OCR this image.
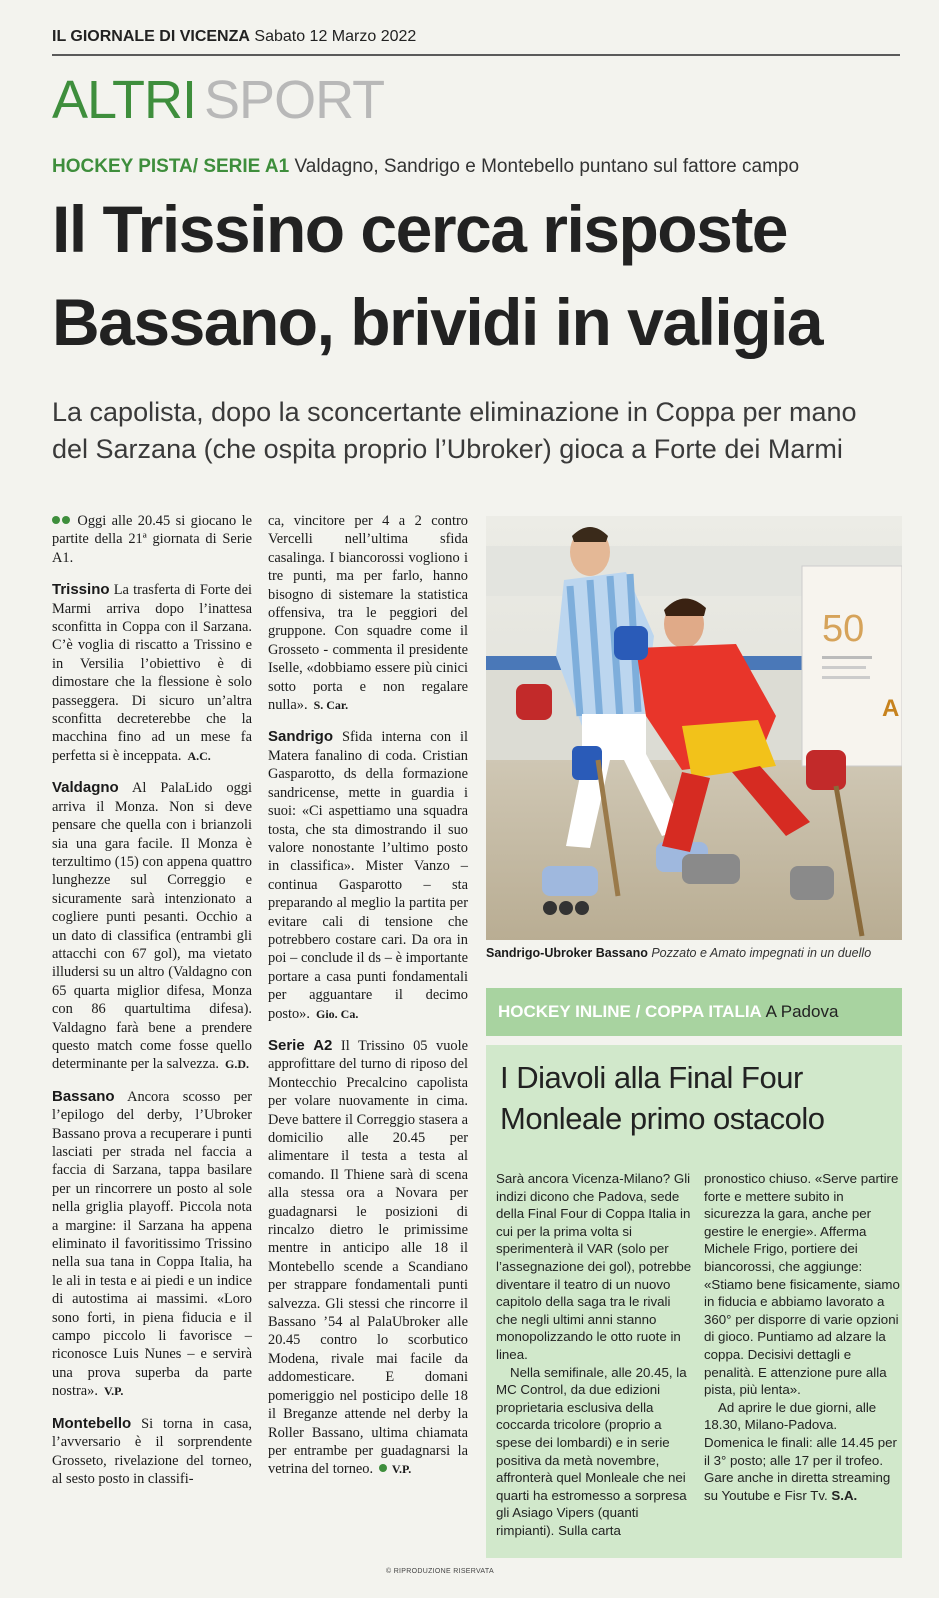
IL GIORNALE DI VICENZA Sabato 12 Marzo 2022
ALTRI SPORT
HOCKEY PISTA/ SERIE A1 Valdagno, Sandrigo e Montebello puntano sul fattore campo
Il Trissino cerca risposte
Bassano, brividi in valigia
La capolista, dopo la sconcertante eliminazione in Coppa per mano
del Sarzana (che ospita proprio l’Ubroker) gioca a Forte dei Marmi

Oggi alle 20.45 si giocano le partite della 21ª giornata di Serie A1.

Trissino La trasferta di Forte dei Marmi arriva dopo l’inattesa sconfitta in Coppa con il Sarzana. C’è voglia di riscatto a Trissino e in Versilia l’obiettivo è di dimostare che la flessione è solo passeggera. Di sicuro un’altra sconfitta decreterebbe che la macchina fino ad un mese fa perfetta si è inceppata. A.C.

Valdagno Al PalaLido oggi arriva il Monza. Non si deve pensare che quella con i brianzoli sia una gara facile. Il Monza è terzultimo (15) con appena quattro lunghezze sul Correggio e sicuramente sarà intenzionato a cogliere punti pesanti. Occhio a un dato di classifica (entrambi gli attacchi con 67 gol), ma vietato illudersi su un altro (Valdagno con 65 quarta miglior difesa, Monza con 86 quartultima difesa). Valdagno farà bene a prendere questo match come fosse quello determinante per la salvezza. G.D.

Bassano Ancora scosso per l’epilogo del derby, l’Ubroker Bassano prova a recuperare i punti lasciati per strada nel faccia a faccia di Sarzana, tappa basilare per un rincorrere un posto al sole nella griglia playoff. Piccola nota a margine: il Sarzana ha appena eliminato il favoritissimo Trissino nella sua tana in Coppa Italia, ha le ali in testa e ai piedi e un indice di autostima ai massimi. «Loro sono forti, in piena fiducia e il campo piccolo li favorisce – riconosce Luis Nunes – e servirà una prova superba da parte nostra». V.P.

Montebello Si torna in casa, l’avversario è il sorprendente Grosseto, rivelazione del torneo, al sesto posto in classifi-

ca, vincitore per 4 a 2 contro Vercelli nell’ultima sfida casalinga. I biancorossi vogliono i tre punti, ma per farlo, hanno bisogno di sistemare la statistica offensiva, tra le peggiori del gruppone. Con squadre come il Grosseto - commenta il presidente Iselle, «dobbiamo essere più cinici sotto porta e non regalare nulla». S. Car.

Sandrigo Sfida interna con il Matera fanalino di coda. Cristian Gasparotto, ds della formazione sandricense, mette in guardia i suoi: «Ci aspettiamo una squadra tosta, che sta dimostrando il suo valore nonostante l’ultimo posto in classifica». Mister Vanzo – continua Gasparotto – sta preparando al meglio la partita per evitare cali di tensione che potrebbero costare cari. Da ora in poi – conclude il ds – è importante portare a casa punti fondamentali per agguantare il decimo posto». Gio. Ca.

Serie A2 Il Trissino 05 vuole approfittare del turno di riposo del Montecchio Precalcino capolista per volare nuovamente in cima. Deve battere il Correggio stasera a domicilio alle 20.45 per alimentare il testa a testa al comando. Il Thiene sarà di scena alla stessa ora a Novara per guadagnarsi le posizioni di rincalzo dietro le primissime mentre in anticipo alle 18 il Montebello scende a Scandiano per strappare fondamentali punti salvezza. Gli stessi che rincorre il Bassano ’54 al PalaUbroker alle 20.45 contro lo scorbutico Modena, rivale mai facile da addomesticare. E domani pomeriggio nel posticipo delle 18 il Breganze attende nel derby la Roller Bassano, ultima chiamata per entrambe per guadagnarsi la vetrina del torneo. V.P.

50
A
Sandrigo-Ubroker Bassano Pozzato e Amato impegnati in un duello
HOCKEY INLINE / COPPA ITALIA A Padova
I Diavoli alla Final Four
Monleale primo ostacolo

Sarà ancora Vicenza-Milano? Gli indizi dicono che Padova, sede della Final Four di Coppa Italia in cui per la prima volta si sperimenterà il VAR (solo per l’assegnazione dei gol), potrebbe diventare il teatro di un nuovo capitolo della saga tra le rivali che negli ultimi anni stanno monopolizzando le otto ruote in linea.

Nella semifinale, alle 20.45, la MC Control, da due edizioni proprietaria esclusiva della coccarda tricolore (proprio a spese dei lombardi) e in serie positiva da metà novembre, affronterà quel Monleale che nei quarti ha estromesso a sorpresa gli Asiago Vipers (quanti rimpianti). Sulla carta

pronostico chiuso. «Serve partire forte e mettere subito in sicurezza la gara, anche per gestire le energie». Afferma Michele Frigo, portiere dei biancorossi, che aggiunge: «Stiamo bene fisicamente, siamo in fiducia e abbiamo lavorato a 360° per disporre di varie opzioni di gioco. Puntiamo ad alzare la coppa. Decisivi dettagli e penalità. E attenzione pure alla pista, più lenta».

Ad aprire le due giorni, alle 18.30, Milano-Padova. Domenica le finali: alle 14.45 per il 3° posto; alle 17 per il trofeo. Gare anche in diretta streaming su Youtube e Fisr Tv. S.A.

© RIPRODUZIONE RISERVATA
